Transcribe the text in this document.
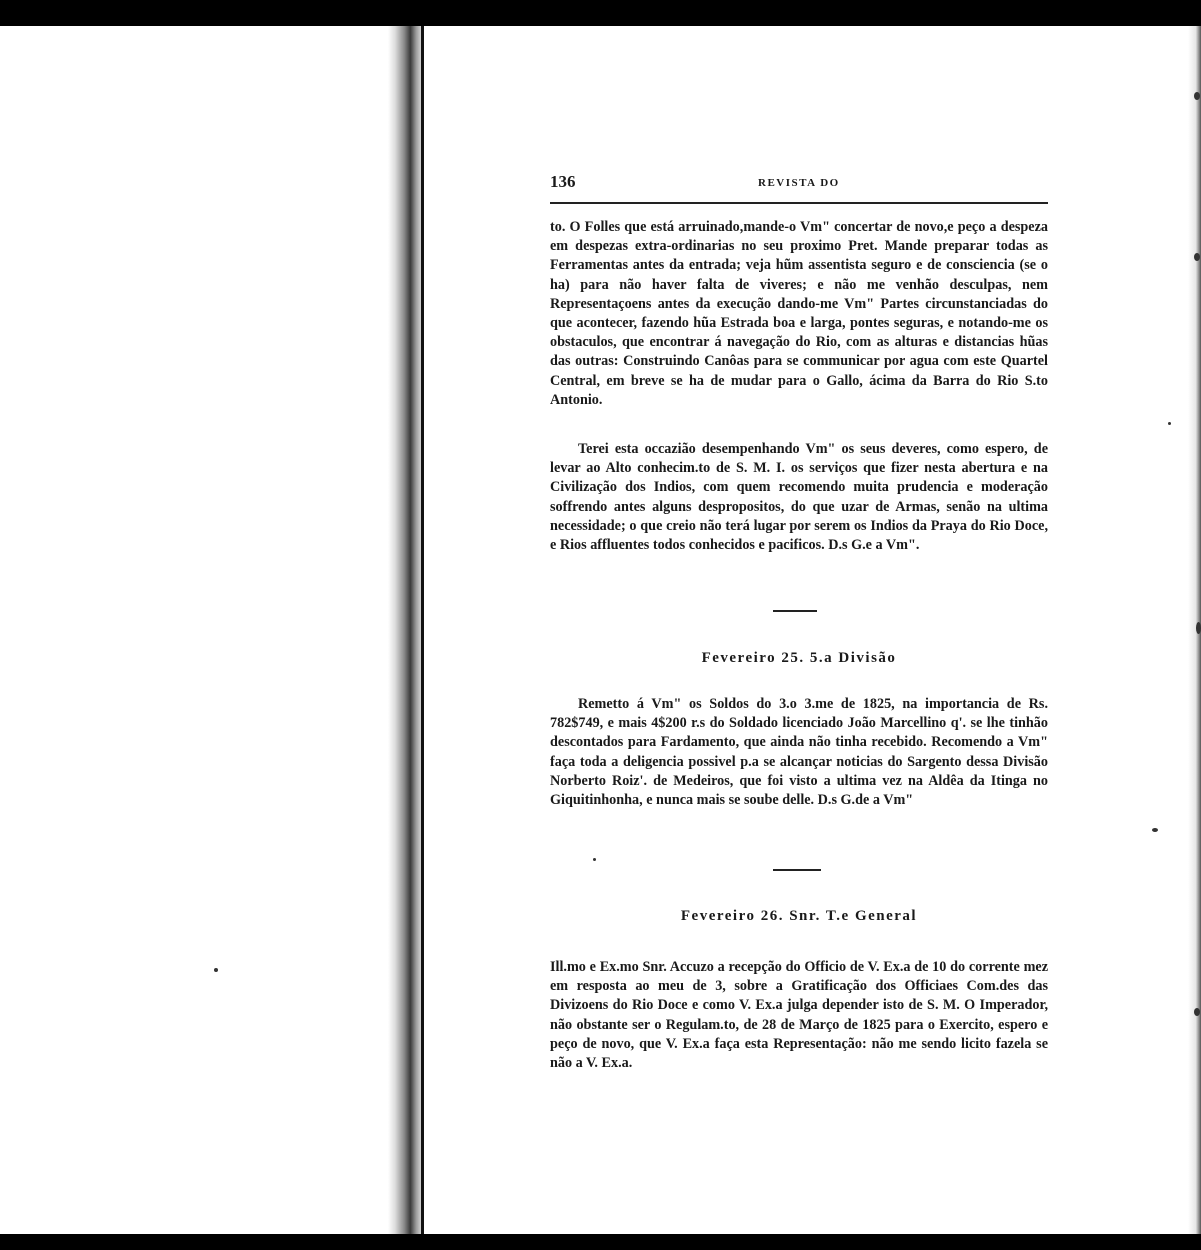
136	REVISTA DO

to. O Folles que está arruinado,mande-o Vm" concertar de novo,e peço a despeza em despezas extra-ordinarias no seu proximo Pret. Mande preparar todas as Ferramentas antes da entrada; veja hũm assentista seguro e de consciencia (se o ha) para não haver falta de viveres; e não me venhão desculpas, nem Representaçoens antes da execução dando-me Vm" Partes circunstanciadas do que acontecer, fazendo hũa Estrada boa e larga, pontes seguras, e notando-me os obstaculos, que encontrar á navegação do Rio, com as alturas e distancias hũas das outras: Construindo Canôas para se communicar por agua com este Quartel Central, em breve se ha de mudar para o Gallo, ácima da Barra do Rio S.to Antonio.

Terei esta occazião desempenhando Vm" os seus deveres, como espero, de levar ao Alto conhecim.to de S. M. I. os serviços que fizer nesta abertura e na Civilização dos Indios, com quem recomendo muita prudencia e moderação soffrendo antes alguns despropositos, do que uzar de Armas, senão na ultima necessidade; o que creio não terá lugar por serem os Indios da Praya do Rio Doce, e Rios affluentes todos conhecidos e pacificos. D.s G.e a Vm".

Fevereiro 25. 5.a Divisão

Remetto á Vm" os Soldos do 3.o 3.me de 1825, na importancia de Rs. 782$749, e mais 4$200 r.s do Soldado licenciado João Marcellino q'. se lhe tinhão descontados para Fardamento, que ainda não tinha recebido. Recomendo a Vm" faça toda a deligencia possivel p.a se alcançar noticias do Sargento dessa Divisão Norberto Roiz'. de Medeiros, que foi visto a ultima vez na Aldêa da Itinga no Giquitinhonha, e nunca mais se soube delle. D.s G.de a Vm"

Fevereiro 26. Snr. T.e General

Ill.mo e Ex.mo Snr. Accuzo a recepção do Officio de V. Ex.a de 10 do corrente mez em resposta ao meu de 3, sobre a Gratificação dos Officiaes Com.des das Divizoens do Rio Doce e como V. Ex.a julga depender isto de S. M. O Imperador, não obstante ser o Regulam.to, de 28 de Março de 1825 para o Exercito, espero e peço de novo, que V. Ex.a faça esta Representação: não me sendo licito fazela se não a V. Ex.a.
